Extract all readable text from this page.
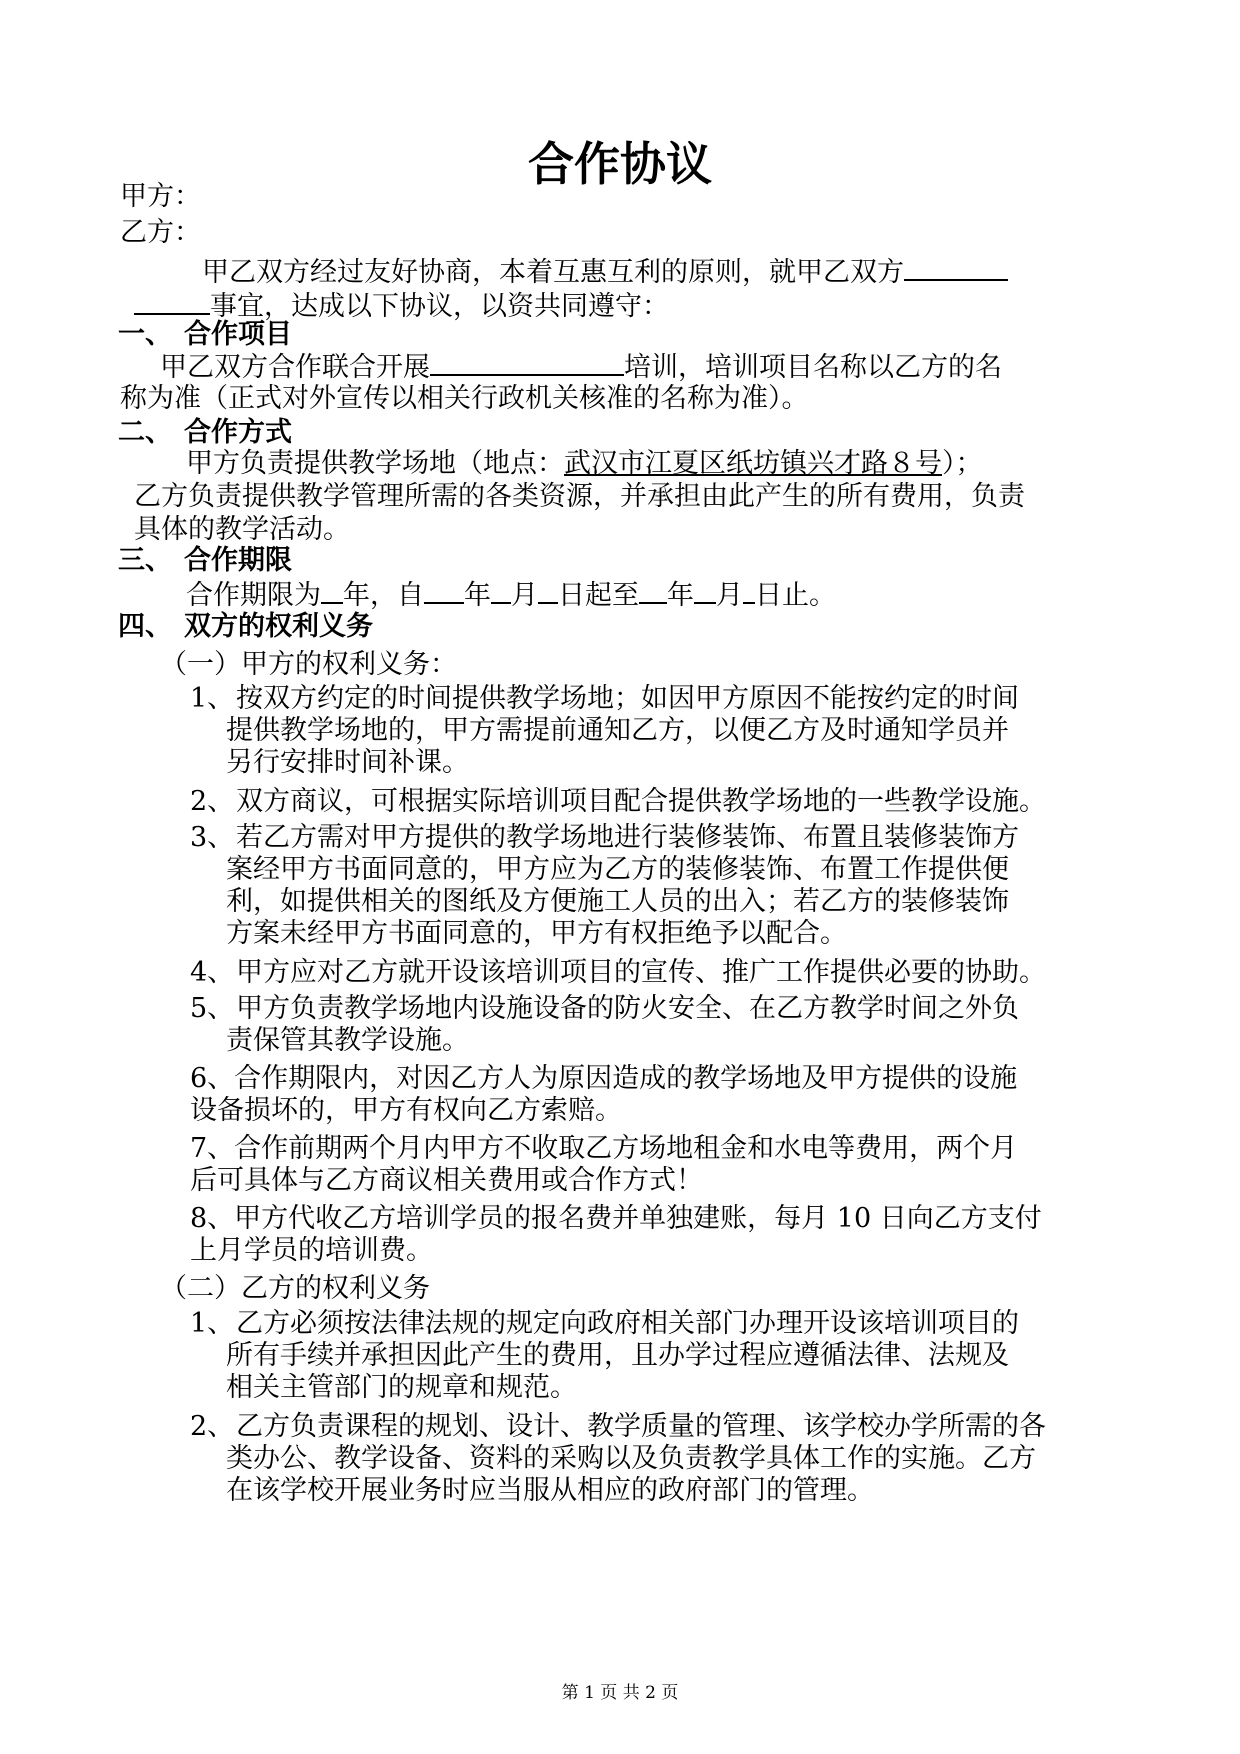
合作协议
甲方：
乙方：
甲乙双方经过友好协商，本着互惠互利的原则，就甲乙双方
事宜，达成以下协议，以资共同遵守：
一、 合作项目
甲乙双方合作联合开展	培训，培训项目名称以乙方的名
称为准（正式对外宣传以相关行政机关核准的名称为准）。
二、 合作方式
甲方负责提供教学场地（地点：武汉市江夏区纸坊镇兴才路８号）；
乙方负责提供教学管理所需的各类资源，并承担由此产生的所有费用，负责
具体的教学活动。
三、 合作期限
合作期限为 年，自 年 月 日起至 年 月 日止。
四、 双方的权利义务
（一）甲方的权利义务：
1、按双方约定的时间提供教学场地；如因甲方原因不能按约定的时间
提供教学场地的，甲方需提前通知乙方，以便乙方及时通知学员并
另行安排时间补课。
2、双方商议，可根据实际培训项目配合提供教学场地的一些教学设施。
3、若乙方需对甲方提供的教学场地进行装修装饰、布置且装修装饰方
案经甲方书面同意的，甲方应为乙方的装修装饰、布置工作提供便
利，如提供相关的图纸及方便施工人员的出入；若乙方的装修装饰
方案未经甲方书面同意的，甲方有权拒绝予以配合。
4、甲方应对乙方就开设该培训项目的宣传、推广工作提供必要的协助。
5、甲方负责教学场地内设施设备的防火安全、在乙方教学时间之外负
责保管其教学设施。
6、合作期限内，对因乙方人为原因造成的教学场地及甲方提供的设施
设备损坏的，甲方有权向乙方索赔。
7、合作前期两个月内甲方不收取乙方场地租金和水电等费用，两个月
后可具体与乙方商议相关费用或合作方式！
8、甲方代收乙方培训学员的报名费并单独建账，每月 10 日向乙方支付
上月学员的培训费。
（二）乙方的权利义务
1、乙方必须按法律法规的规定向政府相关部门办理开设该培训项目的
所有手续并承担因此产生的费用，且办学过程应遵循法律、法规及
相关主管部门的规章和规范。
2、乙方负责课程的规划、设计、教学质量的管理、该学校办学所需的各
类办公、教学设备、资料的采购以及负责教学具体工作的实施。乙方
在该学校开展业务时应当服从相应的政府部门的管理。
第 1 页 共 2 页
